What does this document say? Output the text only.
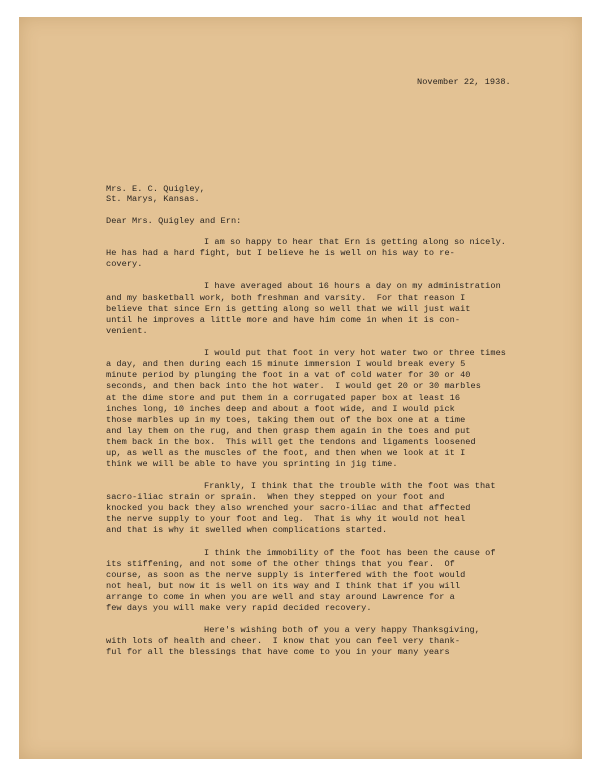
November 22, 1938.
Mrs. E. C. Quigley,
St. Marys, Kansas.
Dear Mrs. Quigley and Ern:
I am so happy to hear that Ern is getting along so nicely.
He has had a hard fight, but I believe he is well on his way to re-
covery.
I have averaged about 16 hours a day on my administration
and my basketball work, both freshman and varsity.  For that reason I
believe that since Ern is getting along so well that we will just wait
until he improves a little more and have him come in when it is con-
venient.
I would put that foot in very hot water two or three times
a day, and then during each 15 minute immersion I would break every 5
minute period by plunging the foot in a vat of cold water for 30 or 40
seconds, and then back into the hot water.  I would get 20 or 30 marbles
at the dime store and put them in a corrugated paper box at least 16
inches long, 10 inches deep and about a foot wide, and I would pick
those marbles up in my toes, taking them out of the box one at a time
and lay them on the rug, and then grasp them again in the toes and put
them back in the box.  This will get the tendons and ligaments loosened
up, as well as the muscles of the foot, and then when we look at it I
think we will be able to have you sprinting in jig time.
Frankly, I think that the trouble with the foot was that
sacro-iliac strain or sprain.  When they stepped on your foot and
knocked you back they also wrenched your sacro-iliac and that affected
the nerve supply to your foot and leg.  That is why it would not heal
and that is why it swelled when complications started.
I think the immobility of the foot has been the cause of
its stiffening, and not some of the other things that you fear.  Of
course, as soon as the nerve supply is interfered with the foot would
not heal, but now it is well on its way and I think that if you will
arrange to come in when you are well and stay around Lawrence for a
few days you will make very rapid decided recovery.
Here's wishing both of you a very happy Thanksgiving,
with lots of health and cheer.  I know that you can feel very thank-
ful for all the blessings that have come to you in your many years
